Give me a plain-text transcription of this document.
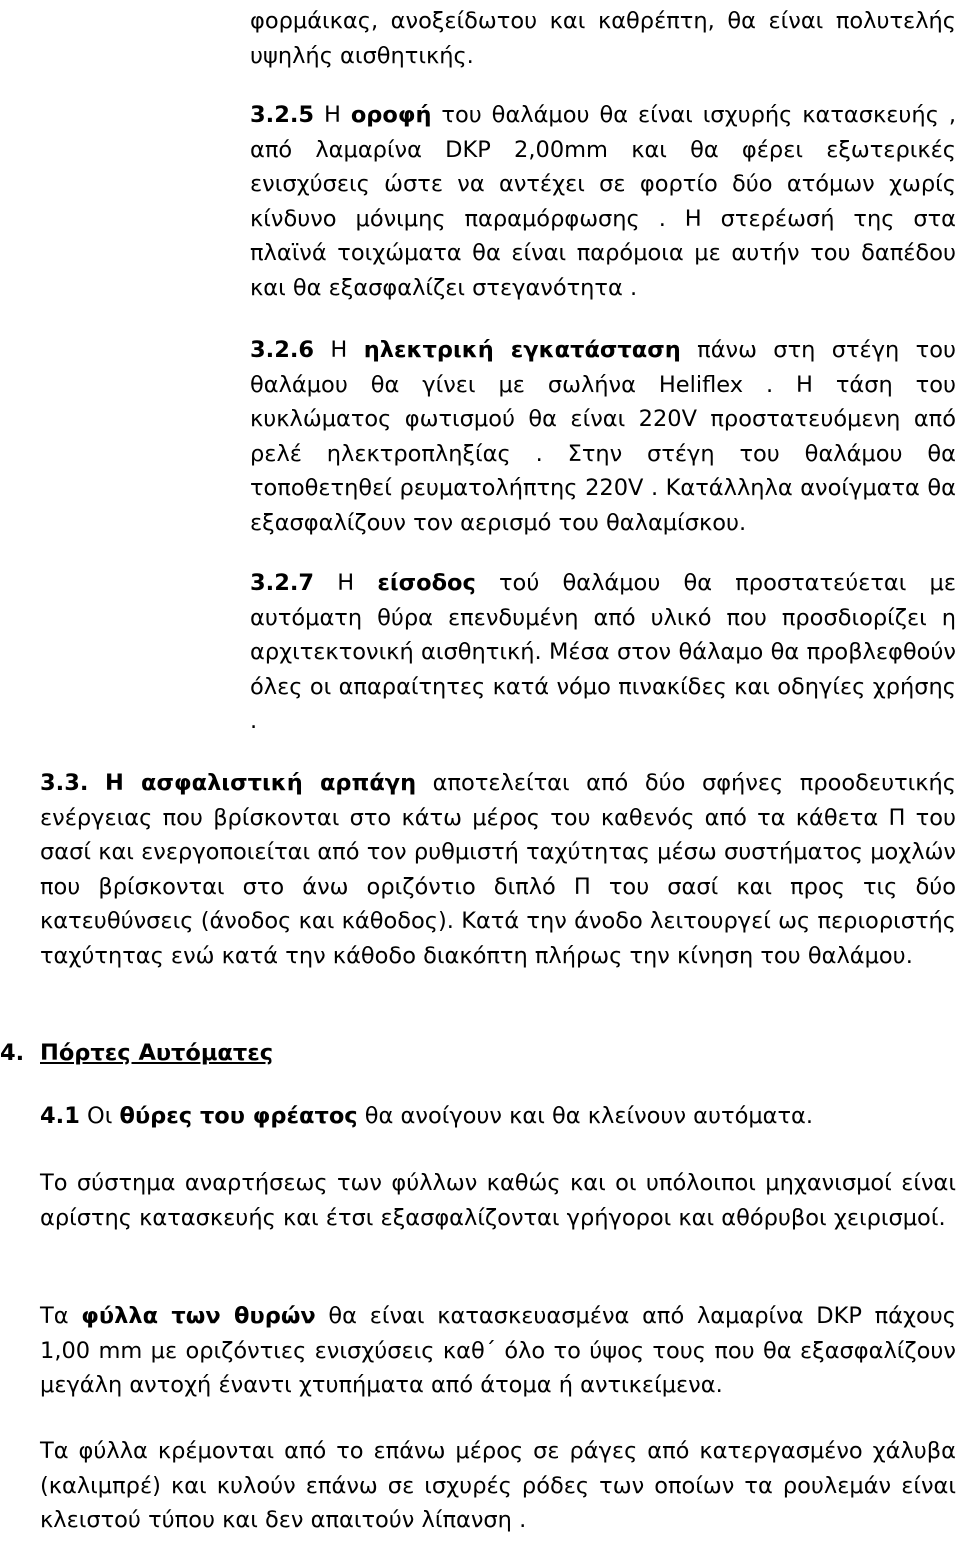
φορμάικας, ανοξείδωτου και καθρέπτη, θα είναι πολυτελής υψηλής αισθητικής.

3.2.5 Η οροφή του θαλάμου θα είναι ισχυρής κατασκευής , από λαμαρίνα DKP 2,00mm και θα φέρει εξωτερικές ενισχύσεις ώστε να αντέχει σε φορτίο δύο ατόμων χωρίς κίνδυνο μόνιμης παραμόρφωσης . Η στερέωσή της στα πλαϊνά τοιχώματα θα είναι παρόμοια με αυτήν του δαπέδου και θα εξασφαλίζει στεγανότητα .

3.2.6 Η ηλεκτρική εγκατάσταση πάνω στη στέγη του θαλάμου θα γίνει με σωλήνα Heliflex . Η τάση του κυκλώματος φωτισμού θα είναι 220V προστατευόμενη από ρελέ ηλεκτροπληξίας . Στην στέγη του θαλάμου θα τοποθετηθεί ρευματολήπτης 220V . Κατάλληλα ανοίγματα θα εξασφαλίζουν τον αερισμό του θαλαμίσκου.

3.2.7 Η είσοδος τού θαλάμου θα προστατεύεται με αυτόματη θύρα επενδυμένη από υλικό που προσδιορίζει η αρχιτεκτονική αισθητική. Μέσα στον θάλαμο θα προβλεφθούν όλες οι απαραίτητες κατά νόμο πινακίδες και οδηγίες χρήσης .

3.3. Η ασφαλιστική αρπάγη αποτελείται από δύο σφήνες προοδευτικής ενέργειας που βρίσκονται στο κάτω μέρος του καθενός από τα κάθετα Π του σασί και ενεργοποιείται από τον ρυθμιστή ταχύτητας μέσω συστήματος μοχλών που βρίσκονται στο άνω οριζόντιο διπλό Π του σασί και προς τις δύο κατευθύνσεις (άνοδος και κάθοδος). Κατά την άνοδο λειτουργεί ως περιοριστής ταχύτητας ενώ κατά την κάθοδο διακόπτη πλήρως την κίνηση του θαλάμου.

4. Πόρτες Αυτόματες

4.1 Οι θύρες του φρέατος θα ανοίγουν και θα κλείνουν αυτόματα.

Το σύστημα αναρτήσεως των φύλλων καθώς και οι υπόλοιποι μηχανισμοί είναι αρίστης κατασκευής και έτσι εξασφαλίζονται γρήγοροι και αθόρυβοι χειρισμοί.

Τα φύλλα των θυρών θα είναι κατασκευασμένα από λαμαρίνα DKP πάχους 1,00 mm με οριζόντιες ενισχύσεις καθ΄ όλο το ύψος τους που θα εξασφαλίζουν μεγάλη αντοχή έναντι χτυπήματα από άτομα ή αντικείμενα.

Τα φύλλα κρέμονται από το επάνω μέρος σε ράγες από κατεργασμένο χάλυβα (καλιμπρέ) και κυλούν επάνω σε ισχυρές ρόδες των οποίων τα ρουλεμάν είναι κλειστού τύπου και δεν απαιτούν λίπανση .
